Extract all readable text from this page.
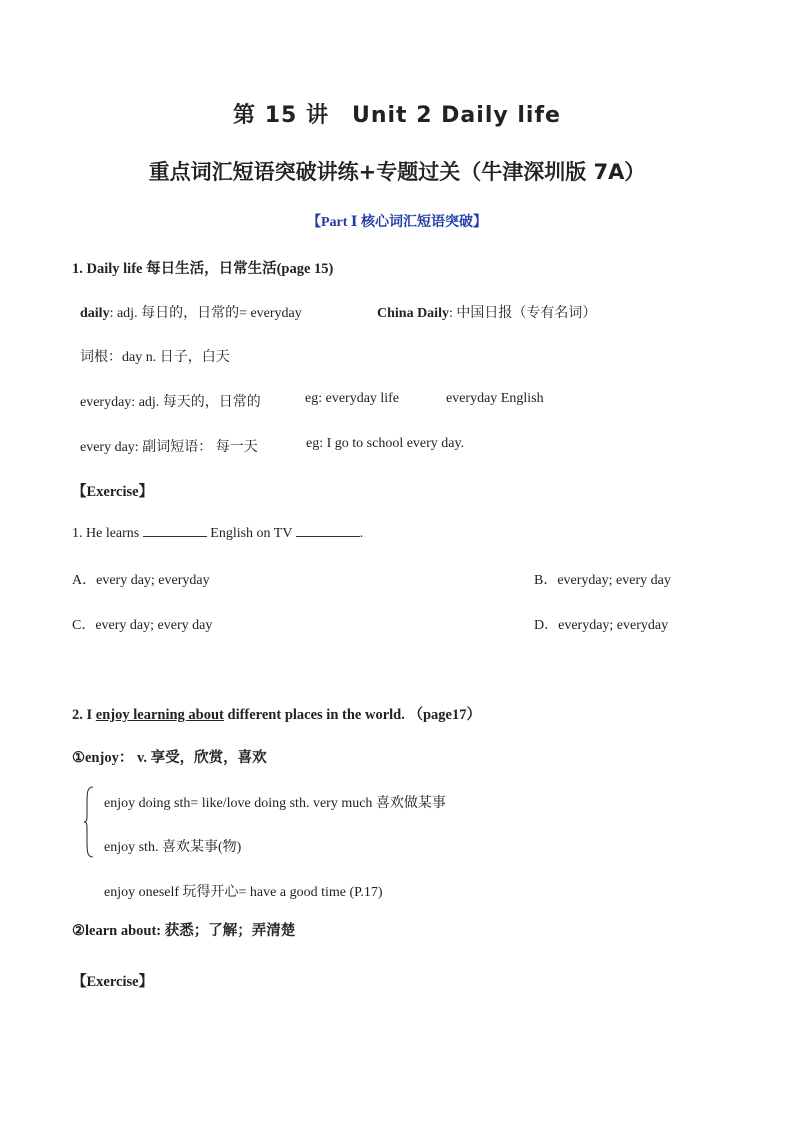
第 15 讲　Unit 2 Daily life
重点词汇短语突破讲练+专题过关（牛津深圳版 7A）
【Part Ⅰ 核心词汇短语突破】
1. Daily life 每日生活，日常生活(page 15)
daily: adj. 每日的，日常的= everyday	China Daily: 中国日报（专有名词）
词根：day n. 日子，白天
everyday: adj. 每天的，日常的	eg: everyday life	everyday English
every day: 副词短语： 每一天	eg: I go to school every day.
【Exercise】
1. He learns	English on TV	.
A．every day; everyday	B．everyday; every day
C．every day; every day	D．everyday; everyday
2. I enjoy learning about different places in the world. （page17）
①enjoy： v. 享受，欣赏，喜欢
enjoy doing sth= like/love doing sth. very much 喜欢做某事
enjoy sth. 喜欢某事(物)
enjoy oneself 玩得开心= have a good time (P.17)
②learn about: 获悉；了解；弄清楚
【Exercise】
